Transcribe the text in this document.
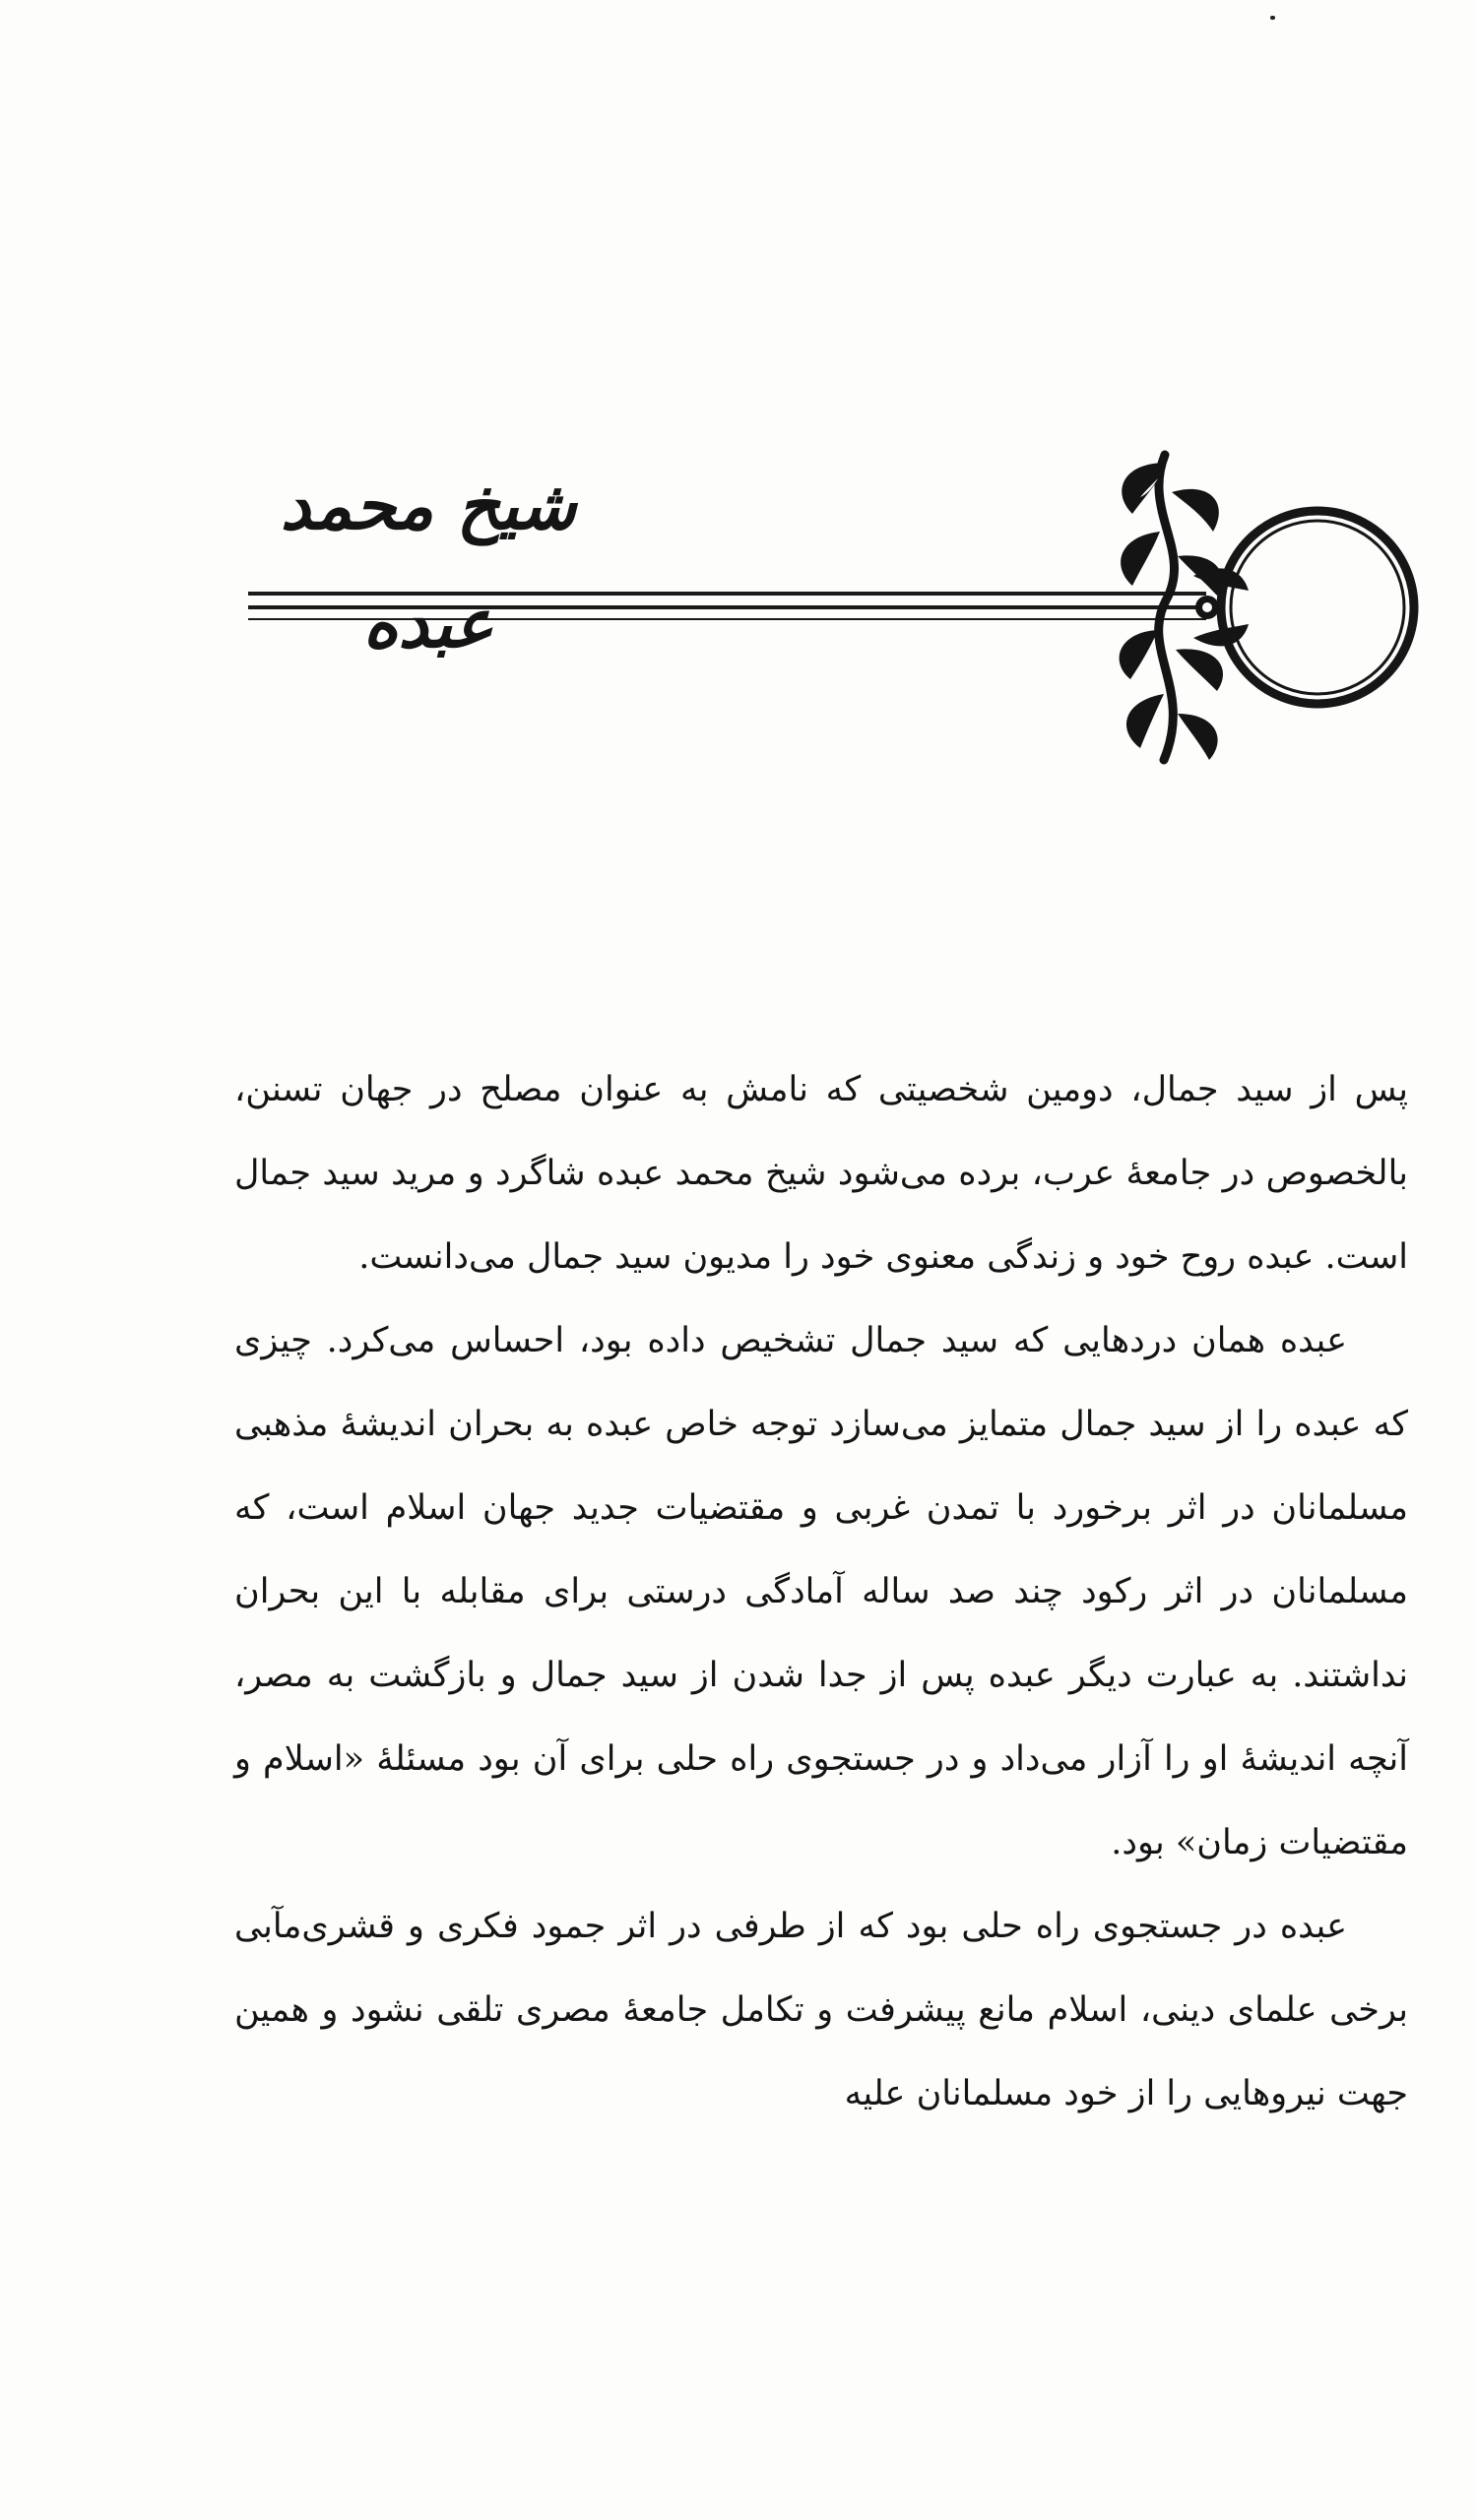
شیخ محمد عبده

پس از سید جمال، دومین شخصیتی که نامش به عنوان مصلح در جهان تسنن، بالخصوص در جامعهٔ عرب، برده می‌شود شیخ محمد عبده شاگرد و مرید سید جمال است. عبده روح خود و زندگی معنوی خود را مدیون سید جمال می‌دانست.

عبده همان دردهایی که سید جمال تشخیص داده بود، احساس می‌کرد. چیزی که عبده را از سید جمال متمایز می‌سازد توجه خاص عبده به بحران اندیشهٔ مذهبی مسلمانان در اثر برخورد با تمدن غربی و مقتضیات جدید جهان اسلام است، که مسلمانان در اثر رکود چند صد ساله آمادگی درستی برای مقابله با این بحران نداشتند. به عبارت دیگر عبده پس از جدا شدن از سید جمال و بازگشت به مصر، آنچه اندیشهٔ او را آزار می‌داد و در جستجوی راه حلی برای آن بود مسئلهٔ «اسلام و مقتضیات زمان» بود.

عبده در جستجوی راه حلی بود که از طرفی در اثر جمود فکری و قشری‌مآبی برخی علمای دینی، اسلام مانع پیشرفت و تکامل جامعهٔ مصری تلقی نشود و همین جهت نیروهایی را از خود مسلمانان علیه
